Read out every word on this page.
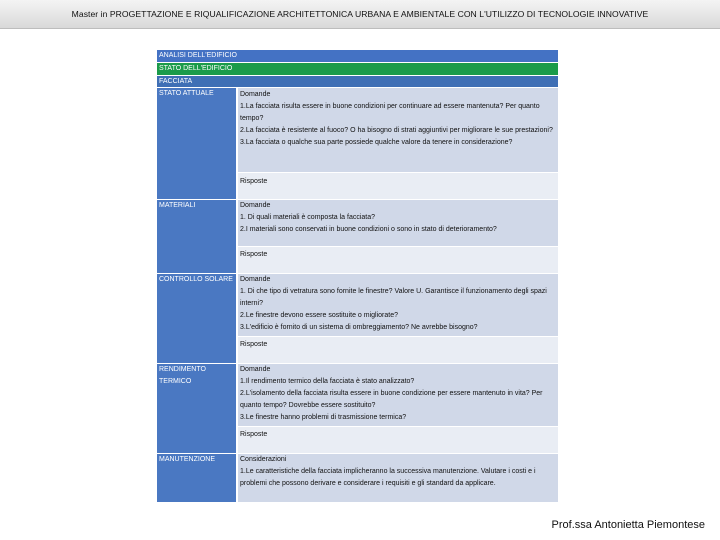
Master in PROGETTAZIONE E RIQUALIFICAZIONE ARCHITETTONICA URBANA E AMBIENTALE CON L'UTILIZZO DI TECNOLOGIE INNOVATIVE
ANALISI DELL'EDIFICIO	
STATO DELL'EDIFICIO	
FACCIATA	
STATO ATTUALE	Domande
1.La facciata risulta essere in buone condizioni per continuare ad essere mantenuta? Per quanto tempo?
2.La facciata è resistente al fuoco? O ha bisogno di strati aggiuntivi per migliorare le sue prestazioni?
3.La facciata o qualche sua parte possiede qualche valore da tenere in considerazione?

	Risposte

MATERIALI	Domande
1. Di quali materiali è composta la facciata?
2.I materiali sono conservati in buone condizioni o sono in stato di deterioramento?

	Risposte

CONTROLLO SOLARE	Domande
1. Di che tipo di vetratura sono fornite le finestre? Valore U. Garantisce il funzionamento degli spazi interni?
2.Le finestre devono essere sostituite o migliorate?
3.L'edificio è fornito di un sistema di ombreggiamento? Ne avrebbe bisogno?

	Risposte

RENDIMENTO TERMICO	Domande
1.Il rendimento termico della facciata è stato analizzato?
2.L'isolamento della facciata risulta essere in buone condizione per essere mantenuto in vita? Per quanto tempo? Dovrebbe essere sostituito?
3.Le finestre hanno problemi di trasmissione termica?

	Risposte

MANUTENZIONE	Considerazioni
1.Le caratteristiche della facciata implicheranno la successiva manutenzione. Valutare i costi e i problemi che possono derivare e considerare i requisiti e gli standard da applicare.
Prof.ssa Antonietta Piemontese
